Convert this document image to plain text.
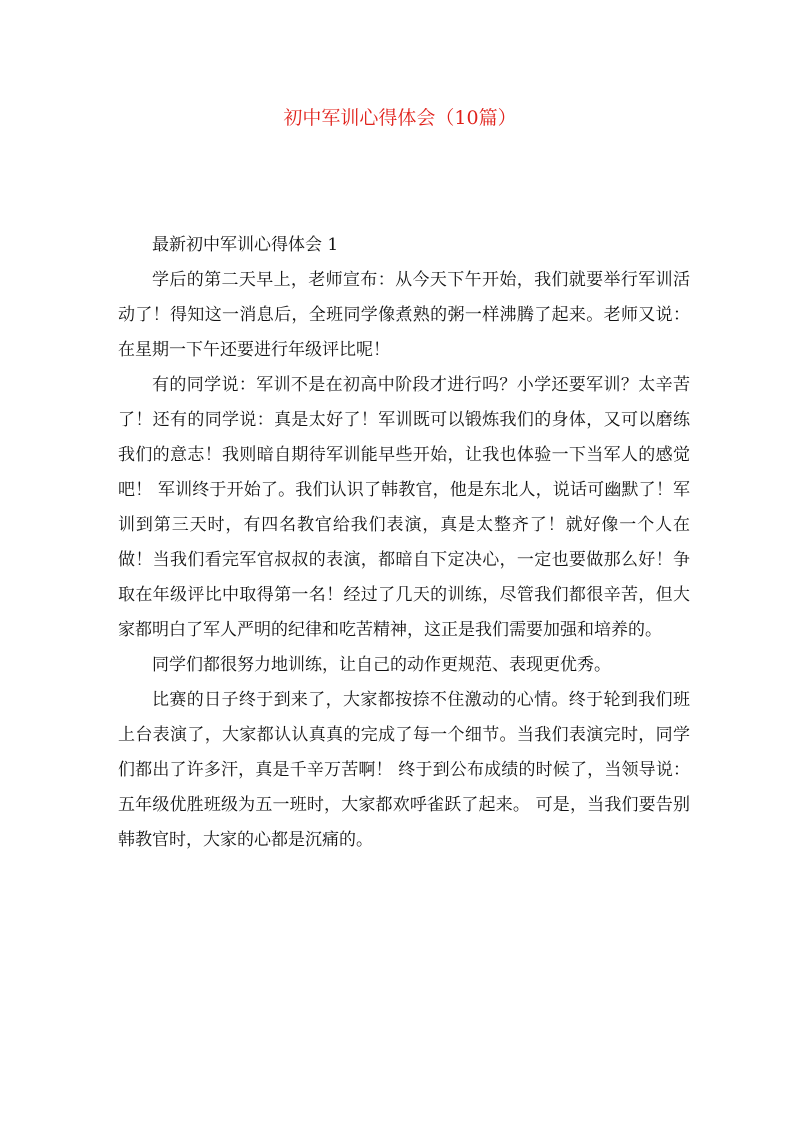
初中军训心得体会（10篇）

最新初中军训心得体会 1

学后的第二天早上，老师宣布：从今天下午开始，我们就要举行军训活动了！得知这一消息后，全班同学像煮熟的粥一样沸腾了起来。老师又说：在星期一下午还要进行年级评比呢！

有的同学说：军训不是在初高中阶段才进行吗？小学还要军训？太辛苦了！还有的同学说：真是太好了！军训既可以锻炼我们的身体，又可以磨练我们的意志！我则暗自期待军训能早些开始，让我也体验一下当军人的感觉吧！ 军训终于开始了。我们认识了韩教官，他是东北人，说话可幽默了！军训到第三天时，有四名教官给我们表演，真是太整齐了！就好像一个人在做！当我们看完军官叔叔的表演，都暗自下定决心，一定也要做那么好！争取在年级评比中取得第一名！经过了几天的训练，尽管我们都很辛苦，但大家都明白了军人严明的纪律和吃苦精神，这正是我们需要加强和培养的。

同学们都很努力地训练，让自己的动作更规范、表现更优秀。

比赛的日子终于到来了，大家都按捺不住激动的心情。终于轮到我们班上台表演了，大家都认认真真的完成了每一个细节。当我们表演完时，同学们都出了许多汗，真是千辛万苦啊！ 终于到公布成绩的时候了，当领导说：五年级优胜班级为五一班时，大家都欢呼雀跃了起来。 可是，当我们要告别韩教官时，大家的心都是沉痛的。
